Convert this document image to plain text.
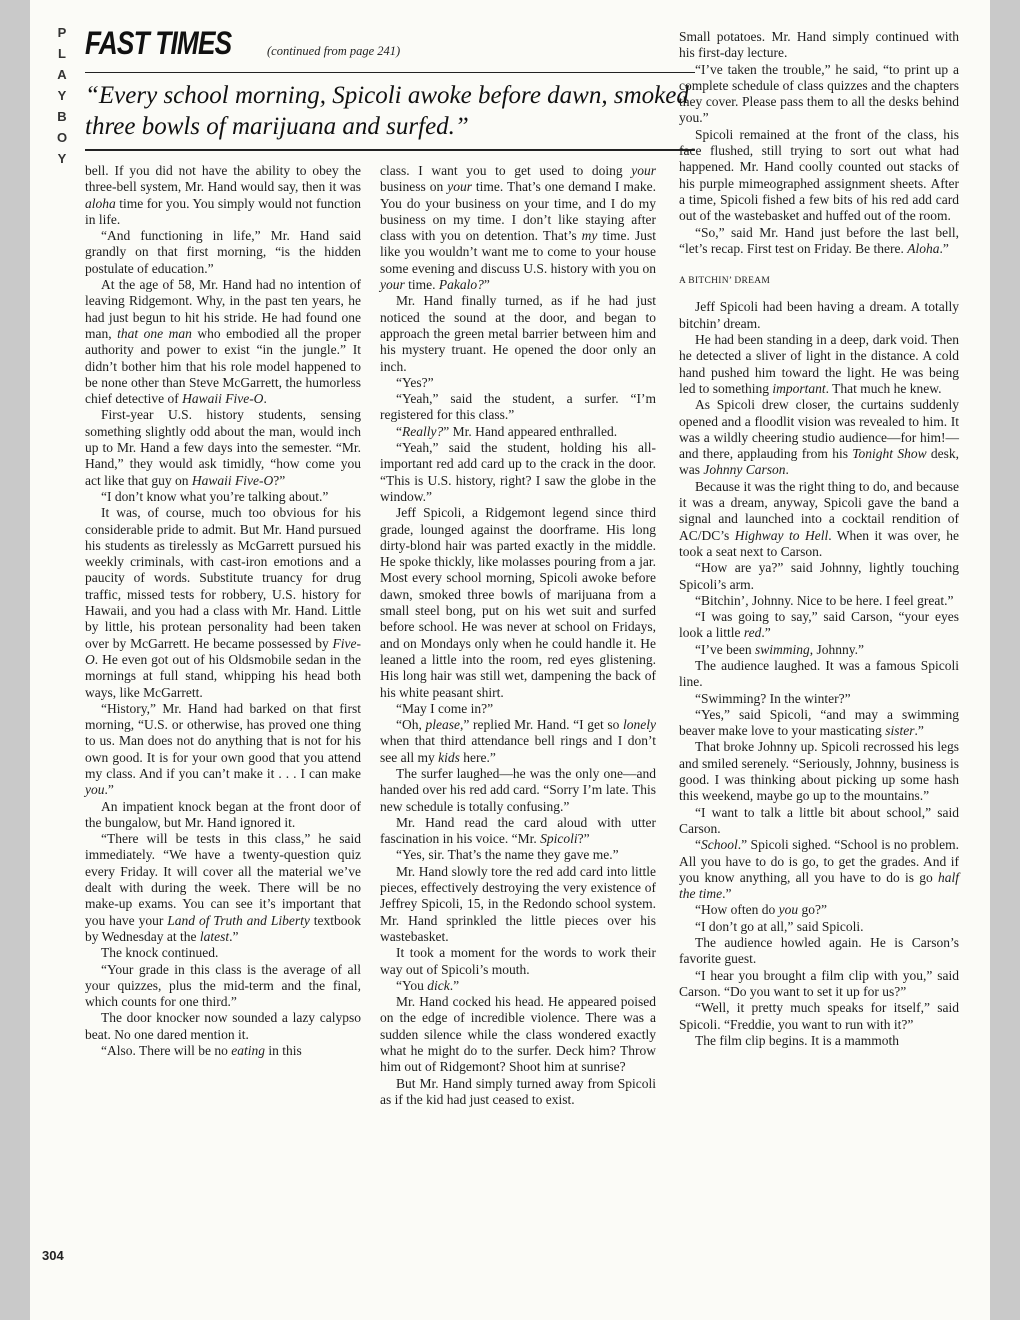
P
L
A
Y
B
O
Y
FAST TIMES	(continued from page 241)
“Every school morning, Spicoli awoke before dawn, smoked three bowls of marijuana and surfed.”

bell. If you did not have the ability to obey the three-bell system, Mr. Hand would say, then it was aloha time for you. You simply would not function in life.

“And functioning in life,” Mr. Hand said grandly on that first morning, “is the hidden postulate of education.”

At the age of 58, Mr. Hand had no intention of leaving Ridgemont. Why, in the past ten years, he had just begun to hit his stride. He had found one man, that one man who embodied all the proper authority and power to exist “in the jungle.” It didn’t bother him that his role model happened to be none other than Steve McGarrett, the humorless chief detective of Hawaii Five-O.

First-year U.S. history students, sensing something slightly odd about the man, would inch up to Mr. Hand a few days into the semester. “Mr. Hand,” they would ask timidly, “how come you act like that guy on Hawaii Five-O?”

“I don’t know what you’re talking about.”

It was, of course, much too obvious for his considerable pride to admit. But Mr. Hand pursued his students as tirelessly as McGarrett pursued his weekly criminals, with cast-iron emotions and a paucity of words. Substitute truancy for drug traffic, missed tests for robbery, U.S. history for Hawaii, and you had a class with Mr. Hand. Little by little, his protean personality had been taken over by McGarrett. He became possessed by Five-O. He even got out of his Oldsmobile sedan in the mornings at full stand, whipping his head both ways, like McGarrett.

“History,” Mr. Hand had barked on that first morning, “U.S. or otherwise, has proved one thing to us. Man does not do anything that is not for his own good. It is for your own good that you attend my class. And if you can’t make it . . . I can make you.”

An impatient knock began at the front door of the bungalow, but Mr. Hand ignored it.

“There will be tests in this class,” he said immediately. “We have a twenty-question quiz every Friday. It will cover all the material we’ve dealt with during the week. There will be no make-up exams. You can see it’s important that you have your Land of Truth and Liberty textbook by Wednesday at the latest.”

The knock continued.

“Your grade in this class is the average of all your quizzes, plus the mid-term and the final, which counts for one third.”

The door knocker now sounded a lazy calypso beat. No one dared mention it.

“Also. There will be no eating in this

class. I want you to get used to doing your business on your time. That’s one demand I make. You do your business on your time, and I do my business on my time. I don’t like staying after class with you on detention. That’s my time. Just like you wouldn’t want me to come to your house some evening and discuss U.S. history with you on your time. Pakalo?”

Mr. Hand finally turned, as if he had just noticed the sound at the door, and began to approach the green metal barrier between him and his mystery truant. He opened the door only an inch.

“Yes?”

“Yeah,” said the student, a surfer. “I’m registered for this class.”

“Really?” Mr. Hand appeared enthralled.

“Yeah,” said the student, holding his all-important red add card up to the crack in the door. “This is U.S. history, right? I saw the globe in the window.”

Jeff Spicoli, a Ridgemont legend since third grade, lounged against the doorframe. His long dirty-blond hair was parted exactly in the middle. He spoke thickly, like molasses pouring from a jar. Most every school morning, Spicoli awoke before dawn, smoked three bowls of marijuana from a small steel bong, put on his wet suit and surfed before school. He was never at school on Fridays, and on Mondays only when he could handle it. He leaned a little into the room, red eyes glistening. His long hair was still wet, dampening the back of his white peasant shirt.

“May I come in?”

“Oh, please,” replied Mr. Hand. “I get so lonely when that third attendance bell rings and I don’t see all my kids here.”

The surfer laughed—he was the only one—and handed over his red add card. “Sorry I’m late. This new schedule is totally confusing.”

Mr. Hand read the card aloud with utter fascination in his voice. “Mr. Spicoli?”

“Yes, sir. That’s the name they gave me.”

Mr. Hand slowly tore the red add card into little pieces, effectively destroying the very existence of Jeffrey Spicoli, 15, in the Redondo school system. Mr. Hand sprinkled the little pieces over his wastebasket.

It took a moment for the words to work their way out of Spicoli’s mouth.

“You dick.”

Mr. Hand cocked his head. He appeared poised on the edge of incredible violence. There was a sudden silence while the class wondered exactly what he might do to the surfer. Deck him? Throw him out of Ridgemont? Shoot him at sunrise?

But Mr. Hand simply turned away from Spicoli as if the kid had just ceased to exist.

Small potatoes. Mr. Hand simply continued with his first-day lecture.

“I’ve taken the trouble,” he said, “to print up a complete schedule of class quizzes and the chapters they cover. Please pass them to all the desks behind you.”

Spicoli remained at the front of the class, his face flushed, still trying to sort out what had happened. Mr. Hand coolly counted out stacks of his purple mimeographed assignment sheets. After a time, Spicoli fished a few bits of his red add card out of the wastebasket and huffed out of the room.

“So,” said Mr. Hand just before the last bell, “let’s recap. First test on Friday. Be there. Aloha.”

A BITCHIN’ DREAM

Jeff Spicoli had been having a dream. A totally bitchin’ dream.

He had been standing in a deep, dark void. Then he detected a sliver of light in the distance. A cold hand pushed him toward the light. He was being led to something important. That much he knew.

As Spicoli drew closer, the curtains suddenly opened and a floodlit vision was revealed to him. It was a wildly cheering studio audience—for him!—and there, applauding from his Tonight Show desk, was Johnny Carson.

Because it was the right thing to do, and because it was a dream, anyway, Spicoli gave the band a signal and launched into a cocktail rendition of AC/DC’s Highway to Hell. When it was over, he took a seat next to Carson.

“How are ya?” said Johnny, lightly touching Spicoli’s arm.

“Bitchin’, Johnny. Nice to be here. I feel great.”

“I was going to say,” said Carson, “your eyes look a little red.”

“I’ve been swimming, Johnny.”

The audience laughed. It was a famous Spicoli line.

“Swimming? In the winter?”

“Yes,” said Spicoli, “and may a swimming beaver make love to your masticating sister.”

That broke Johnny up. Spicoli recrossed his legs and smiled serenely. “Seriously, Johnny, business is good. I was thinking about picking up some hash this weekend, maybe go up to the mountains.”

“I want to talk a little bit about school,” said Carson.

“School.” Spicoli sighed. “School is no problem. All you have to do is go, to get the grades. And if you know anything, all you have to do is go half the time.”

“How often do you go?”

“I don’t go at all,” said Spicoli.

The audience howled again. He is Carson’s favorite guest.

“I hear you brought a film clip with you,” said Carson. “Do you want to set it up for us?”

“Well, it pretty much speaks for itself,” said Spicoli. “Freddie, you want to run with it?”

The film clip begins. It is a mammoth

304
